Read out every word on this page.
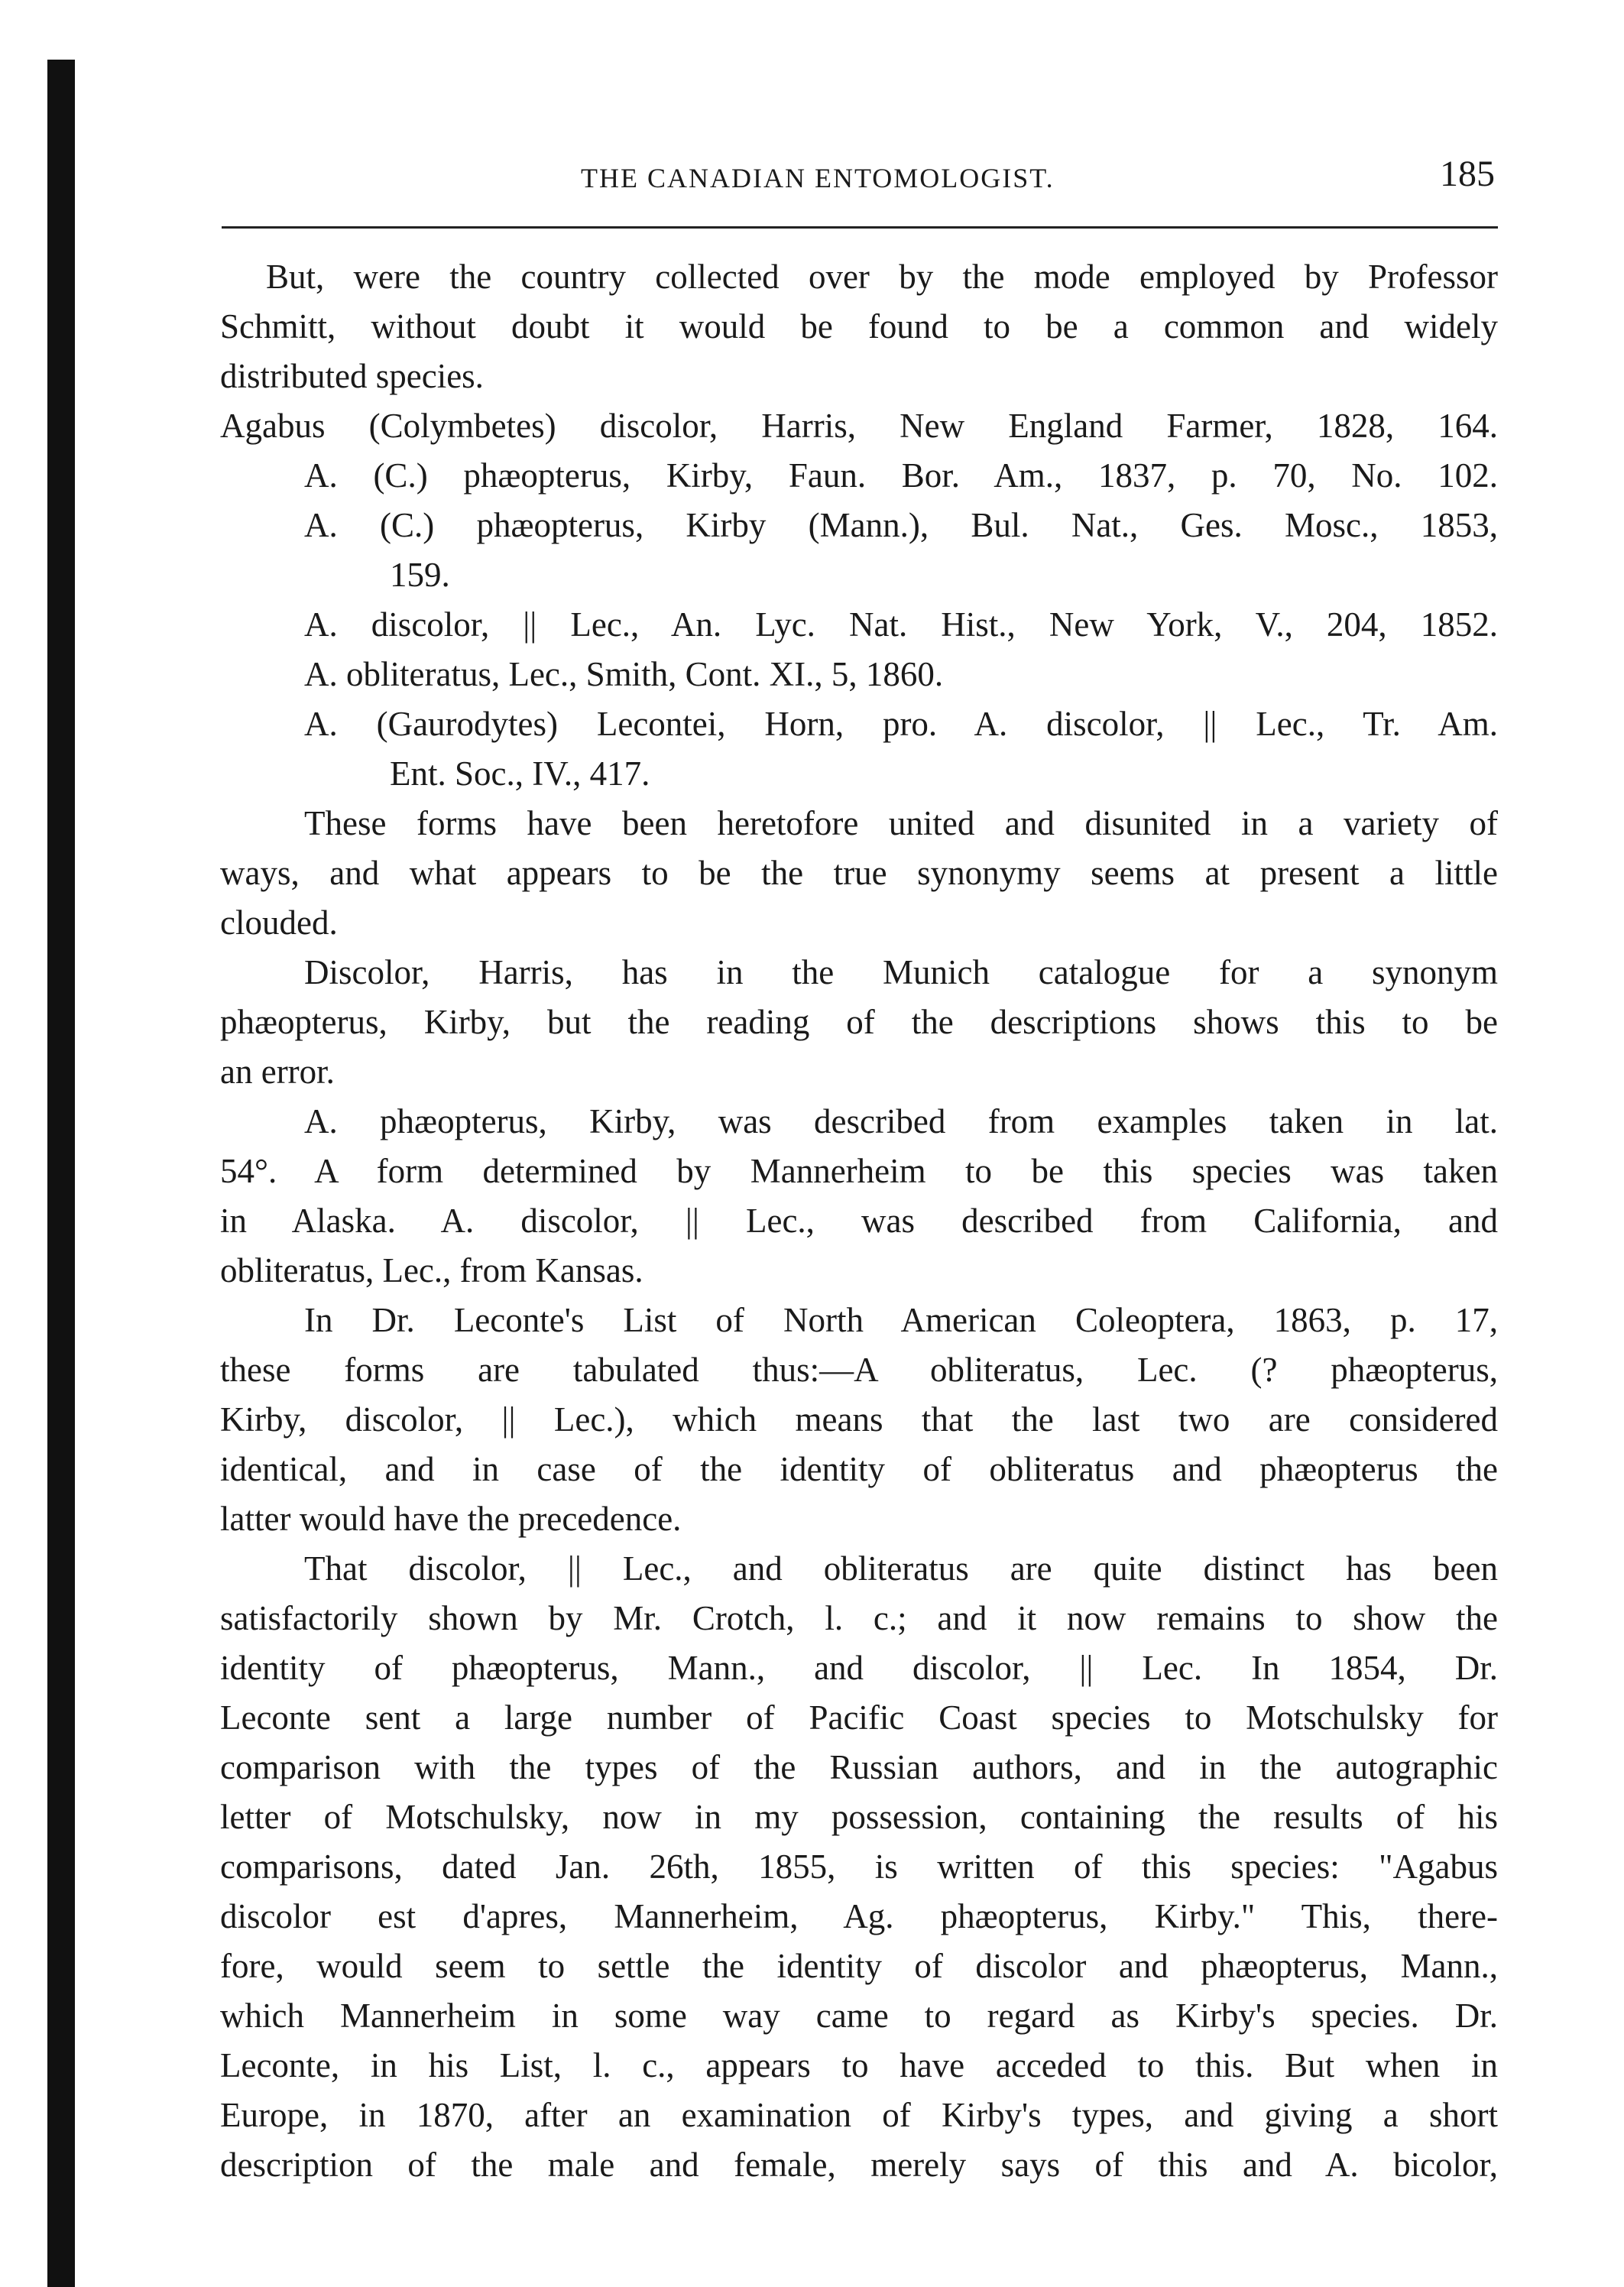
THE CANADIAN ENTOMOLOGIST.	185
But, were the country collected over by the mode employed by Professor
Schmitt, without doubt it would be found to be a common and widely
distributed species.
Agabus (Colymbetes) discolor, Harris, New England Farmer, 1828, 164.
A. (C.) phæopterus, Kirby, Faun. Bor. Am., 1837, p. 70, No. 102.
A. (C.) phæopterus, Kirby (Mann.), Bul. Nat., Ges. Mosc., 1853,
159.
A. discolor, || Lec., An. Lyc. Nat. Hist., New York, V., 204, 1852.
A. obliteratus, Lec., Smith, Cont. XI., 5, 1860.
A. (Gaurodytes) Lecontei, Horn, pro. A. discolor, || Lec., Tr. Am.
Ent. Soc., IV., 417.
These forms have been heretofore united and disunited in a variety of
ways, and what appears to be the true synonymy seems at present a little
clouded.
Discolor, Harris, has in the Munich catalogue for a synonym
phæopterus, Kirby, but the reading of the descriptions shows this to be
an error.
A. phæopterus, Kirby, was described from examples taken in lat.
54°. A form determined by Mannerheim to be this species was taken
in Alaska. A. discolor, || Lec., was described from California, and
obliteratus, Lec., from Kansas.
In Dr. Leconte's List of North American Coleoptera, 1863, p. 17,
these forms are tabulated thus:—A obliteratus, Lec. (? phæopterus,
Kirby, discolor, || Lec.), which means that the last two are considered
identical, and in case of the identity of obliteratus and phæopterus the
latter would have the precedence.
That discolor, || Lec., and obliteratus are quite distinct has been
satisfactorily shown by Mr. Crotch, l. c.; and it now remains to show the
identity of phæopterus, Mann., and discolor, || Lec. In 1854, Dr.
Leconte sent a large number of Pacific Coast species to Motschulsky for
comparison with the types of the Russian authors, and in the autographic
letter of Motschulsky, now in my possession, containing the results of his
comparisons, dated Jan. 26th, 1855, is written of this species: "Agabus
discolor est d'apres, Mannerheim, Ag. phæopterus, Kirby." This, there-
fore, would seem to settle the identity of discolor and phæopterus, Mann.,
which Mannerheim in some way came to regard as Kirby's species. Dr.
Leconte, in his List, l. c., appears to have acceded to this. But when in
Europe, in 1870, after an examination of Kirby's types, and giving a short
description of the male and female, merely says of this and A. bicolor,
